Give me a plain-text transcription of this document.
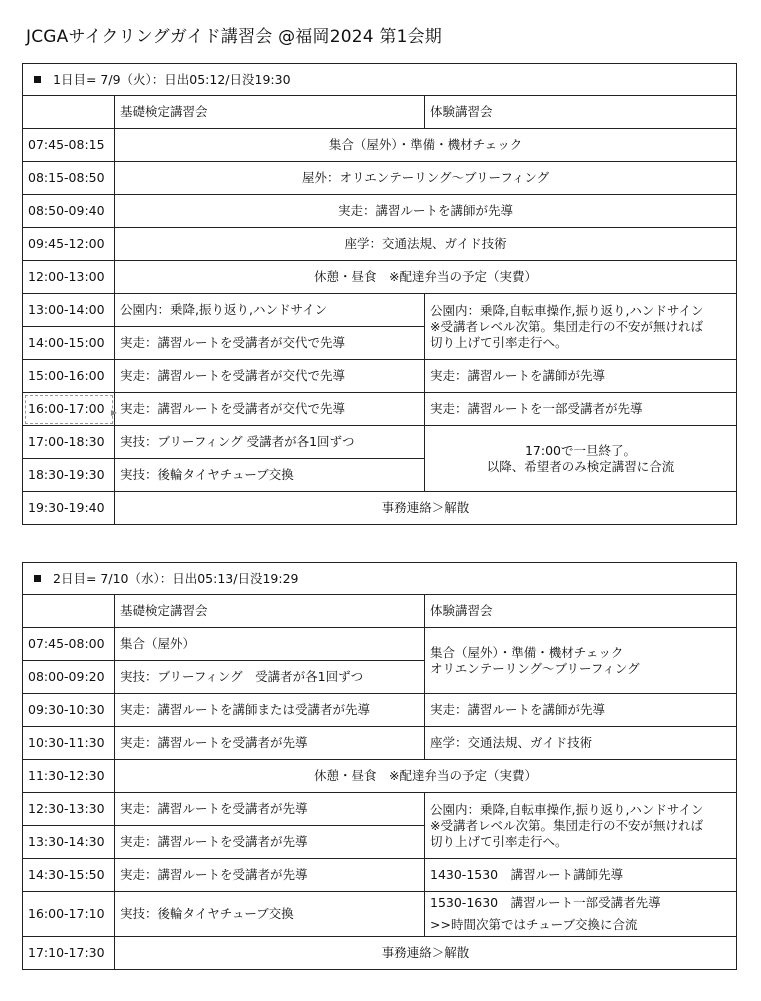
JCGAサイクリングガイド講習会 @福岡2024 第1会期
1日目= 7/9（火）：日出05:12/日没19:30		
	基礎検定講習会	体験講習会
07:45-08:15	集合（屋外）・準備・機材チェック	
08:15-08:50	屋外：オリエンテーリング～ブリーフィング	
08:50-09:40	実走：講習ルートを講師が先導	
09:45-12:00	座学：交通法規、ガイド技術	
12:00-13:00	休憩・昼食　※配達弁当の予定（実費）	
13:00-14:00	公園内：乗降,振り返り,ハンドサイン	公園内：乗降,自転車操作,振り返り,ハンドサイン
※受講者レベル次第。集団走行の不安が無ければ
切り上げて引率走行へ。

14:00-15:00	実走：講習ルートを受講者が交代で先導	
15:00-16:00	実走：講習ルートを受講者が交代で先導	実走：講習ルートを講師が先導
16:00-17:00 ▶	実走：講習ルートを受講者が交代で先導	実走：講習ルートを一部受講者が先導
17:00-18:30	実技：ブリーフィング 受講者が各1回ずつ	17:00で一旦終了。
以降、希望者のみ検定講習に合流

18:30-19:30	実技：後輪タイヤチューブ交換	
19:30-19:40	事務連絡＞解散	
2日目= 7/10（水）：日出05:13/日没19:29		
	基礎検定講習会	体験講習会
07:45-08:00	集合（屋外）	集合（屋外）・準備・機材チェック
オリエンテーリング～ブリーフィング

08:00-09:20	実技：ブリーフィング　受講者が各1回ずつ	
09:30-10:30	実走：講習ルートを講師または受講者が先導	実走：講習ルートを講師が先導
10:30-11:30	実走：講習ルートを受講者が先導	座学：交通法規、ガイド技術
11:30-12:30	休憩・昼食　※配達弁当の予定（実費）	
12:30-13:30	実走：講習ルートを受講者が先導	公園内：乗降,自転車操作,振り返り,ハンドサイン
※受講者レベル次第。集団走行の不安が無ければ
切り上げて引率走行へ。

13:30-14:30	実走：講習ルートを受講者が先導	
14:30-15:50	実走：講習ルートを受講者が先導	1430-1530　講習ルート講師先導
16:00-17:10	実技：後輪タイヤチューブ交換	1530-1630　講習ルート一部受講者先導
>>時間次第ではチューブ交換に合流

17:10-17:30	事務連絡＞解散	
